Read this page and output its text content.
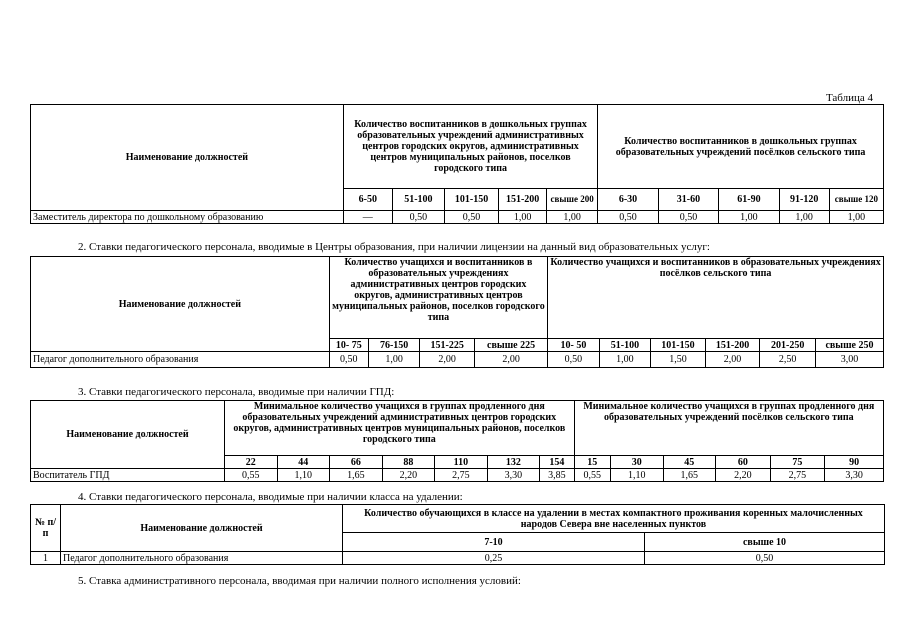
Таблица 4
Наименование должностей	Количество воспитанников в дошкольных группах образовательных учреждений административных центров городских округов, административных центров муниципальных районов, поселков городского типа					Количество воспитанников в дошкольных группах образовательных учреждений посёлков сельского типа				
	6-50	51-100	101-150	151-200	свыше 200	6-30	31-60	61-90	91-120	свыше 120
Заместитель директора по дошкольному образованию	—	0,50	0,50	1,00	1,00	0,50	0,50	1,00	1,00	1,00
2. Ставки педагогического персонала, вводимые в Центры образования, при наличии лицензии на данный вид образовательных услуг:
Наименование должностей	Количество учащихся и воспитанников в образовательных учреждениях административных центров городских округов, административных центров муниципальных районов, поселков городского типа				Количество учащихся и воспитанников в образовательных учреждениях посёлков сельского типа					
	10- 75	76-150	151-225	свыше 225	10- 50	51-100	101-150	151-200	201-250	свыше 250
Педагог дополнительного образования	0,50	1,00	2,00	2,00	0,50	1,00	1,50	2,00	2,50	3,00
3. Ставки педагогического персонала, вводимые при наличии ГПД:
Наименование должностей	Минимальное количество учащихся в группах продленного дня образовательных учреждений административных центров городских округов, административных центров муниципальных районов, поселков городского типа							Минимальное количество учащихся в группах продленного дня образовательных учреждений посёлков сельского типа					
	22	44	66	88	110	132	154	15	30	45	60	75	90
Воспитатель ГПД	0,55	1,10	1,65	2,20	2,75	3,30	3,85	0,55	1,10	1,65	2,20	2,75	3,30
4. Ставки педагогического персонала, вводимые при наличии класса на удалении:
№ п/п	Наименование должностей	Количество обучающихся в классе на удалении в местах компактного проживания коренных малочисленных народов Севера вне населенных пунктов	
		7-10	свыше 10
1	Педагог дополнительного образования	0,25	0,50
5. Ставка административного персонала, вводимая при наличии полного исполнения условий:
